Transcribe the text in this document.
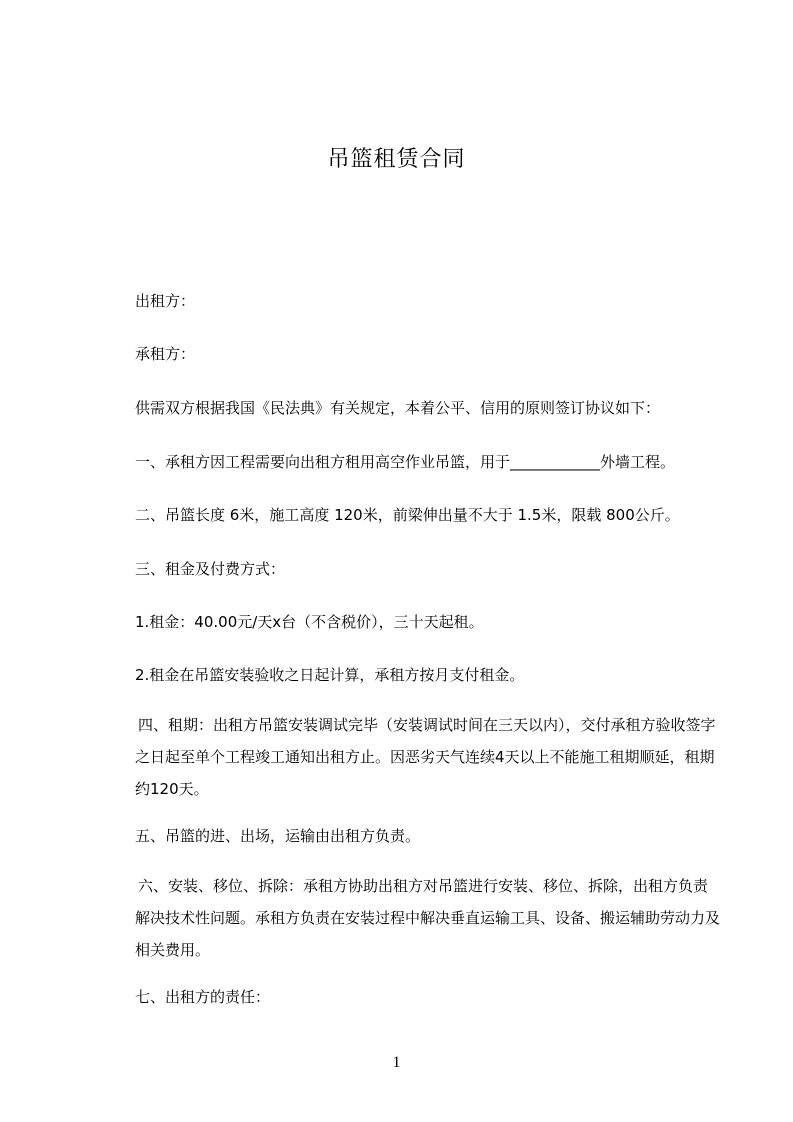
吊篮租赁合同

出租方：

承租方：

供需双方根据我国《民法典》有关规定，本着公平、信用的原则签订协议如下：

一、承租方因工程需要向出租方租用高空作业吊篮，用于____________外墙工程。

二、吊篮长度 6米，施工高度 120米，前梁伸出量不大于 1.5米，限载 800公斤。

三、租金及付费方式：

1.租金：40.00元/天x台（不含税价），三十天起租。

2.租金在吊篮安装验收之日起计算，承租方按月支付租金。

四、租期：出租方吊篮安装调试完毕（安装调试时间在三天以内），交付承租方验收签字之日起至单个工程竣工通知出租方止。因恶劣天气连续4天以上不能施工租期顺延，租期约120天。

五、吊篮的进、出场，运输由出租方负责。

六、安装、移位、拆除：承租方协助出租方对吊篮进行安装、移位、拆除，出租方负责解决技术性问题。承租方负责在安装过程中解决垂直运输工具、设备、搬运辅助劳动力及相关费用。

七、出租方的责任：

1
